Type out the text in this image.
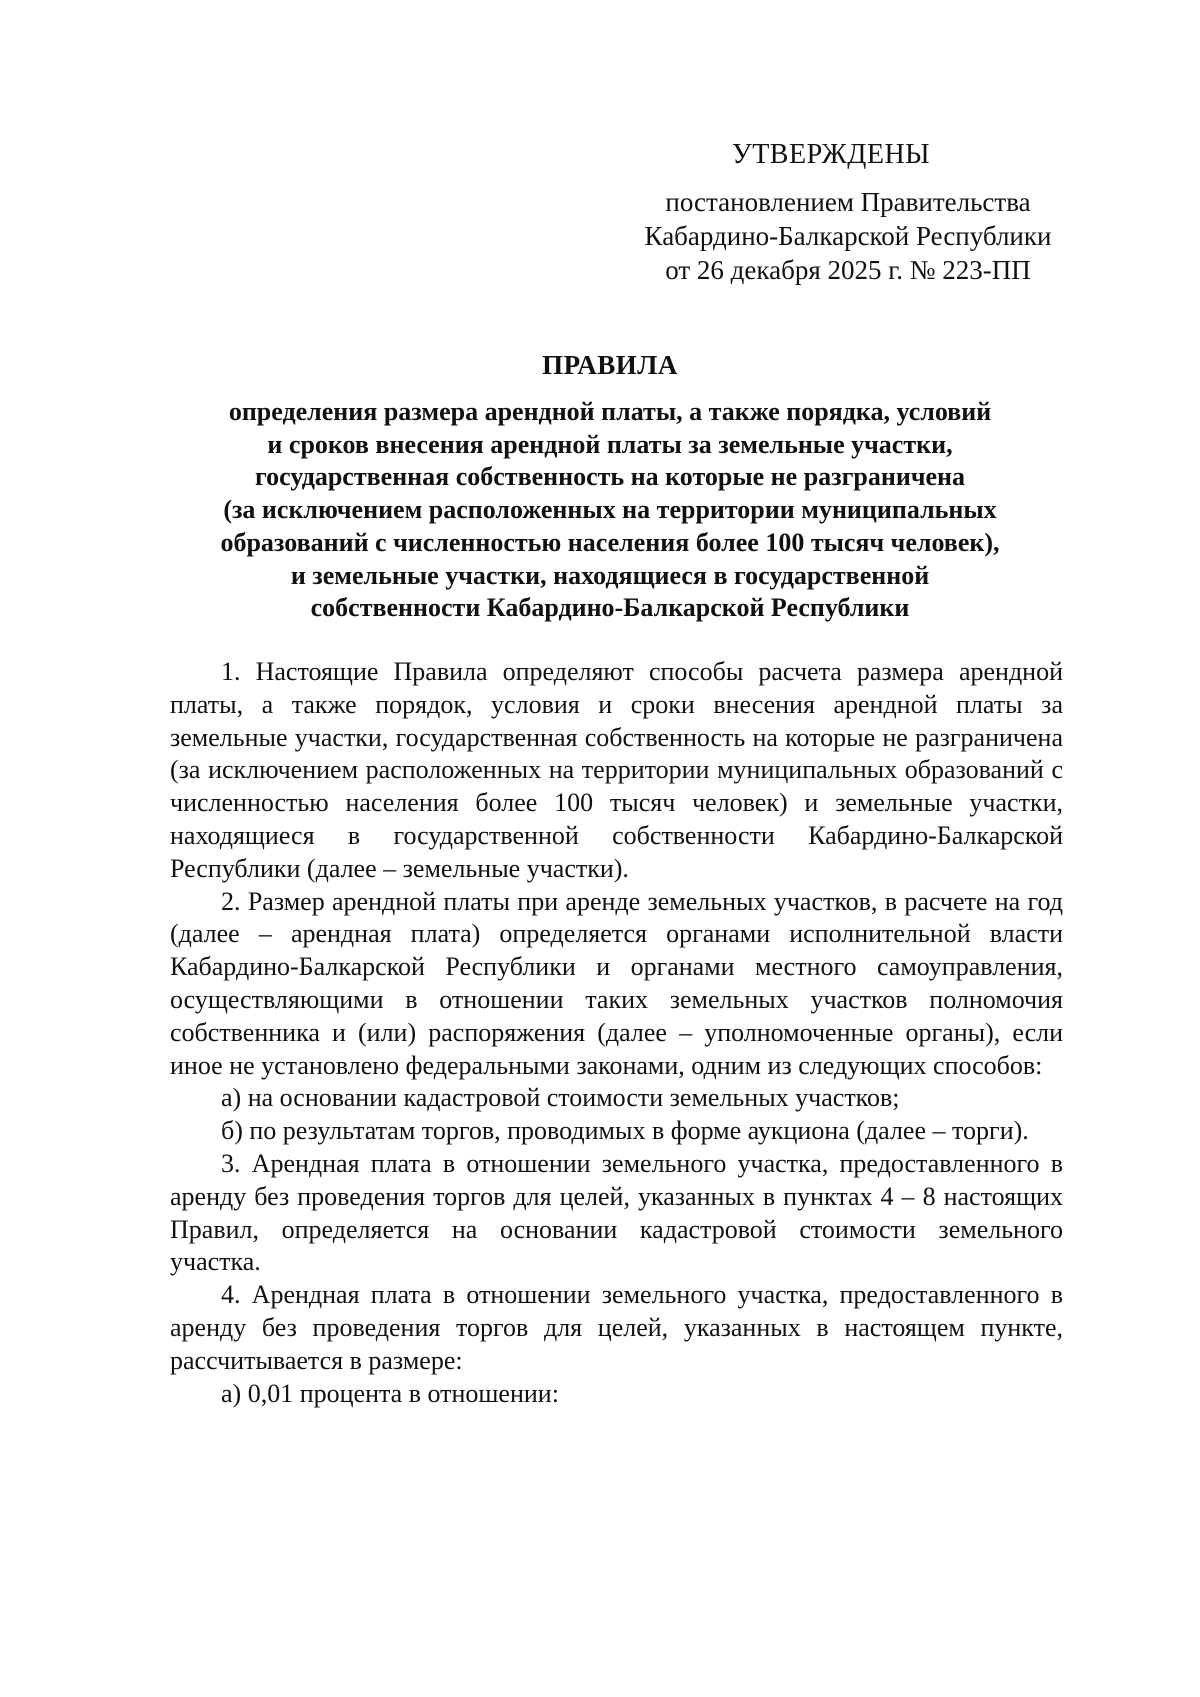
УТВЕРЖДЕНЫ
постановлением Правительства
Кабардино-Балкарской Республики
от 26 декабря 2025 г. № 223-ПП
ПРАВИЛА
определения размера арендной платы, а также порядка, условий
и сроков внесения арендной платы за земельные участки,
государственная собственность на которые не разграничена
(за исключением расположенных на территории муниципальных
образований с численностью населения более 100 тысяч человек),
и земельные участки, находящиеся в государственной
собственности Кабардино-Балкарской Республики

1. Настоящие Правила определяют способы расчета размера арендной платы, а также порядок, условия и сроки внесения арендной платы за земельные участки, государственная собственность на которые не разграничена (за исключением расположенных на территории муниципальных образований с численностью населения более 100 тысяч человек) и земельные участки, находящиеся в государственной собственности Кабардино-Балкарской Республики (далее – земельные участки).

2. Размер арендной платы при аренде земельных участков, в расчете на год (далее – арендная плата) определяется органами исполнительной власти Кабардино-Балкарской Республики и органами местного самоуправления, осуществляющими в отношении таких земельных участков полномочия собственника и (или) распоряжения (далее – уполномоченные органы), если иное не установлено федеральными законами, одним из следующих способов:

а) на основании кадастровой стоимости земельных участков;

б) по результатам торгов, проводимых в форме аукциона (далее – торги).

3. Арендная плата в отношении земельного участка, предоставленного в аренду без проведения торгов для целей, указанных в пунктах 4 – 8 настоящих Правил, определяется на основании кадастровой стоимости земельного участка.

4. Арендная плата в отношении земельного участка, предоставленного в аренду без проведения торгов для целей, указанных в настоящем пункте, рассчитывается в размере:

а) 0,01 процента в отношении:
